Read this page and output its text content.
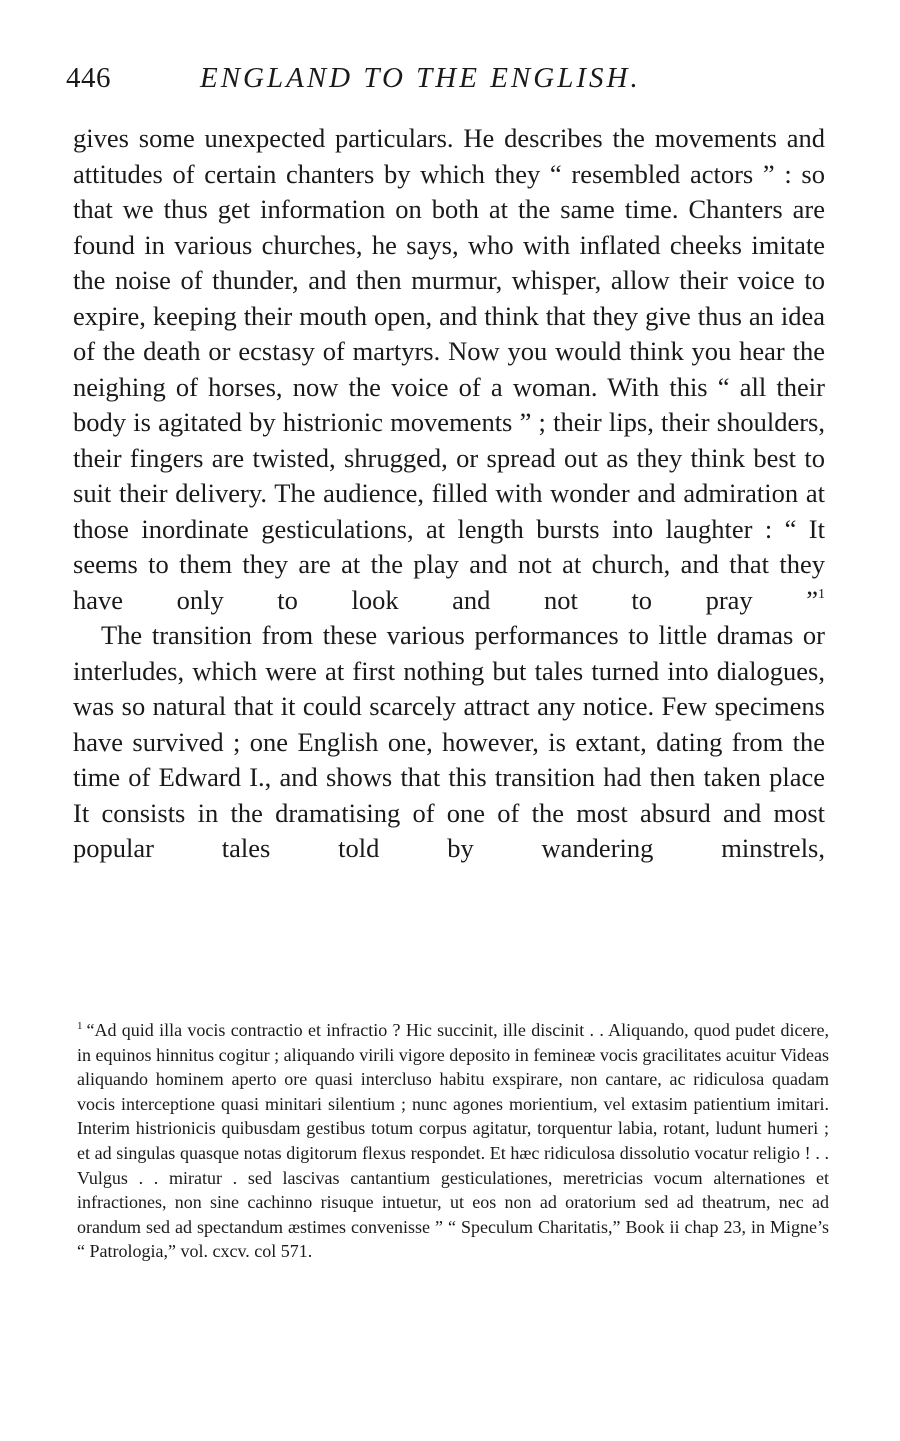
446	ENGLAND TO THE ENGLISH.

gives some unexpected particulars. He describes the movements and attitudes of certain chanters by which they “ resembled actors ” : so that we thus get information on both at the same time. Chanters are found in various churches, he says, who with inflated cheeks imitate the noise of thunder, and then murmur, whisper, allow their voice to expire, keeping their mouth open, and think that they give thus an idea of the death or ecstasy of martyrs. Now you would think you hear the neighing of horses, now the voice of a woman. With this “ all their body is agitated by histrionic movements ” ; their lips, their shoulders, their fingers are twisted, shrugged, or spread out as they think best to suit their delivery. The audience, filled with wonder and admiration at those inordinate gesticulations, at length bursts into laughter : “ It seems to them they are at the play and not at church, and that they have only to look and not to pray ”$^1$

The transition from these various performances to little dramas or interludes, which were at first nothing but tales turned into dialogues, was so natural that it could scarcely attract any notice. Few specimens have survived ; one English one, however, is extant, dating from the time of Edward I., and shows that this transition had then taken place It consists in the dramatising of one of the most absurd and most popular tales told by wandering minstrels,

$^1$ “Ad quid illa vocis contractio et infractio ? Hic succinit, ille discinit . . Aliquando, quod pudet dicere, in equinos hinnitus cogitur ; aliquando virili vigore deposito in femineæ vocis gracilitates acuitur Videas aliquando hominem aperto ore quasi intercluso habitu exspirare, non cantare, ac ridiculosa quadam vocis interceptione quasi minitari silentium ; nunc agones morientium, vel extasim patientium imitari. Interim histrionicis quibusdam gestibus totum corpus agitatur, torquentur labia, rotant, ludunt humeri ; et ad singulas quasque notas digitorum flexus respondet. Et hæc ridiculosa dissolutio vocatur religio ! . . Vulgus . . miratur . sed lascivas cantantium gesticulationes, meretricias vocum alternationes et infractiones, non sine cachinno risuque intuetur, ut eos non ad oratorium sed ad theatrum, nec ad orandum sed ad spectandum æstimes convenisse ” “ Speculum Charitatis,” Book ii chap 23, in Migne’s “ Patrologia,” vol. cxcv. col 571.
